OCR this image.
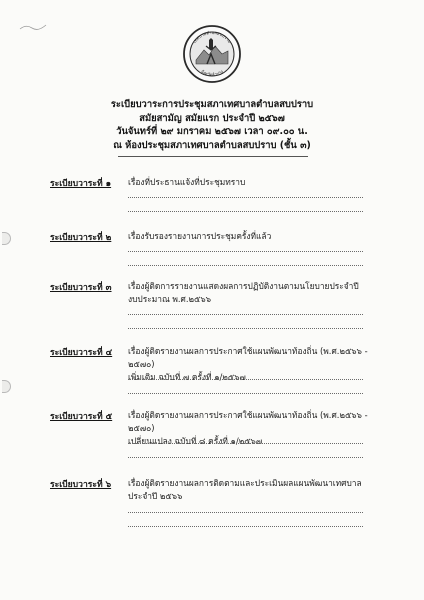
เทศบาลตำบลสบปราบ
จังหวัดลำปาง
ระเบียบวาระการประชุมสภาเทศบาลตำบลสบปราบ
สมัยสามัญ สมัยแรก ประจำปี ๒๕๖๗
วันจันทร์ที่ ๒๙ มกราคม ๒๕๖๗ เวลา ๐๙.๐๐ น.
ณ ห้องประชุมสภาเทศบาลตำบลสบปราบ (ชั้น ๓)
ระเบียบวาระที่ ๑ เรื่องที่ประธานแจ้งที่ประชุมทราบ
ระเบียบวาระที่ ๒ เรื่องรับรองรายงานการประชุมครั้งที่แล้ว
ระเบียบวาระที่ ๓ เรื่องผู้ติดการรายงานแสดงผลการปฏิบัติงานตามนโยบายประจำปี
งบประมาณ พ.ศ.๒๕๖๖
ระเบียบวาระที่ ๔ เรื่องผู้ติดรายงานผลการประกาศใช้แผนพัฒนาท้องถิ่น (พ.ศ.๒๕๖๖ - ๒๕๗๐)
เพิ่มเติม ฉบับที่ ๗ ครั้งที่ ๑/๒๕๖๗
ระเบียบวาระที่ ๕ เรื่องผู้ติดรายงานผลการประกาศใช้แผนพัฒนาท้องถิ่น (พ.ศ.๒๕๖๖ - ๒๕๗๐)
เปลี่ยนแปลง ฉบับที่ ๘ ครั้งที่ ๑/๒๕๖๗
ระเบียบวาระที่ ๖ เรื่องผู้ติดรายงานผลการติดตามและประเมินผลแผนพัฒนาเทศบาล
ประจำปี ๒๕๖๖
